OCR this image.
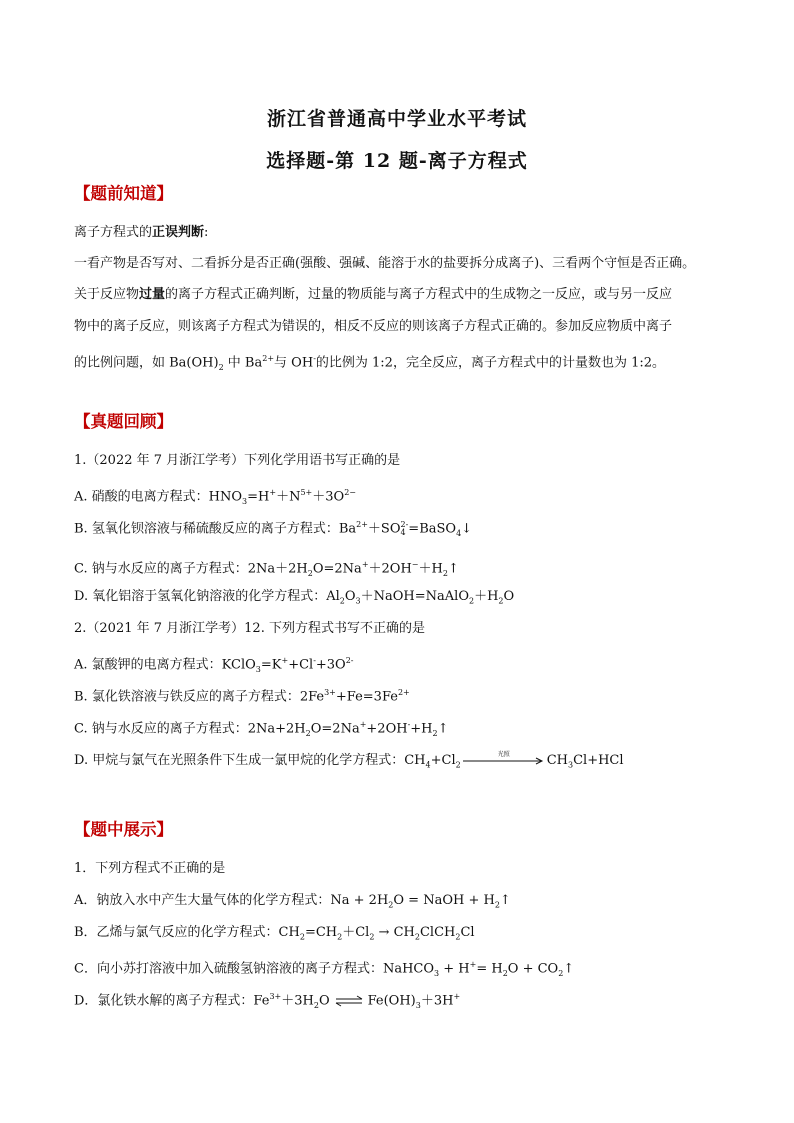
浙江省普通高中学业水平考试
选择题-第 12 题-离子方程式
【题前知道】
离子方程式的正误判断:
一看产物是否写对、二看拆分是否正确(强酸、强碱、能溶于水的盐要拆分成离子)、三看两个守恒是否正确。
关于反应物过量的离子方程式正确判断，过量的物质能与离子方程式中的生成物之一反应，或与另一反应
物中的离子反应，则该离子方程式为错误的，相反不反应的则该离子方程式正确的。参加反应物质中离子
的比例问题，如 $Ba(OH)_2$ 中 $Ba^{2+}$与 OH-的比例为 1:2，完全反应，离子方程式中的计量数也为 1:2。
【真题回顾】
1.（2022 年 7 月浙江学考）下列化学用语书写正确的是
A. 硝酸的电离方程式：$HNO_3=H^++N^{5+}+3O^{2-}$
B. 氢氧化钡溶液与稀硫酸反应的离子方程式：$Ba^{2+}+SO$ 2-
4 =BaSO$_4$↓
C. 钠与水反应的离子方程式：$2Na+2H_2O=2Na^++2OH^-+H_2↑$
D. 氧化铝溶于氢氧化钠溶液的化学方程式：$Al_2O_3+NaOH=NaAlO_2+H_2O$
2.（2021 年 7 月浙江学考）12. 下列方程式书写不正确的是
A. 氯酸钾的电离方程式：$KClO_3=K^++Cl^-+3O^{2-}$
B. 氯化铁溶液与铁反应的离子方程式：$2Fe^{3+}+Fe=3Fe^{2+}$
C. 钠与水反应的离子方程式：$2Na+2H_2O=2Na^++2OH^-+H_2↑$
D. 甲烷与氯气在光照条件下生成一氯甲烷的化学方程式：$CH_4+Cl_2$
光照	$CH_3Cl+HCl$
【题中展示】
1．下列方程式不正确的是
A．钠放入水中产生大量气体的化学方程式：$Na + 2H_2O$ = NaOH + $H_2↑$
B．乙烯与氯气反应的化学方程式：$CH_2=CH_2+Cl_2$ → $CH_2ClCH_2Cl$
C．向小苏打溶液中加入硫酸氢钠溶液的离子方程式：NaHCO$_3$ + $H^+= H_2O$ + $CO_2↑$
D．氯化铁水解的离子方程式：$Fe^{3+}+3H_2O$ ⇌ $Fe(OH)_3+3H^+$
